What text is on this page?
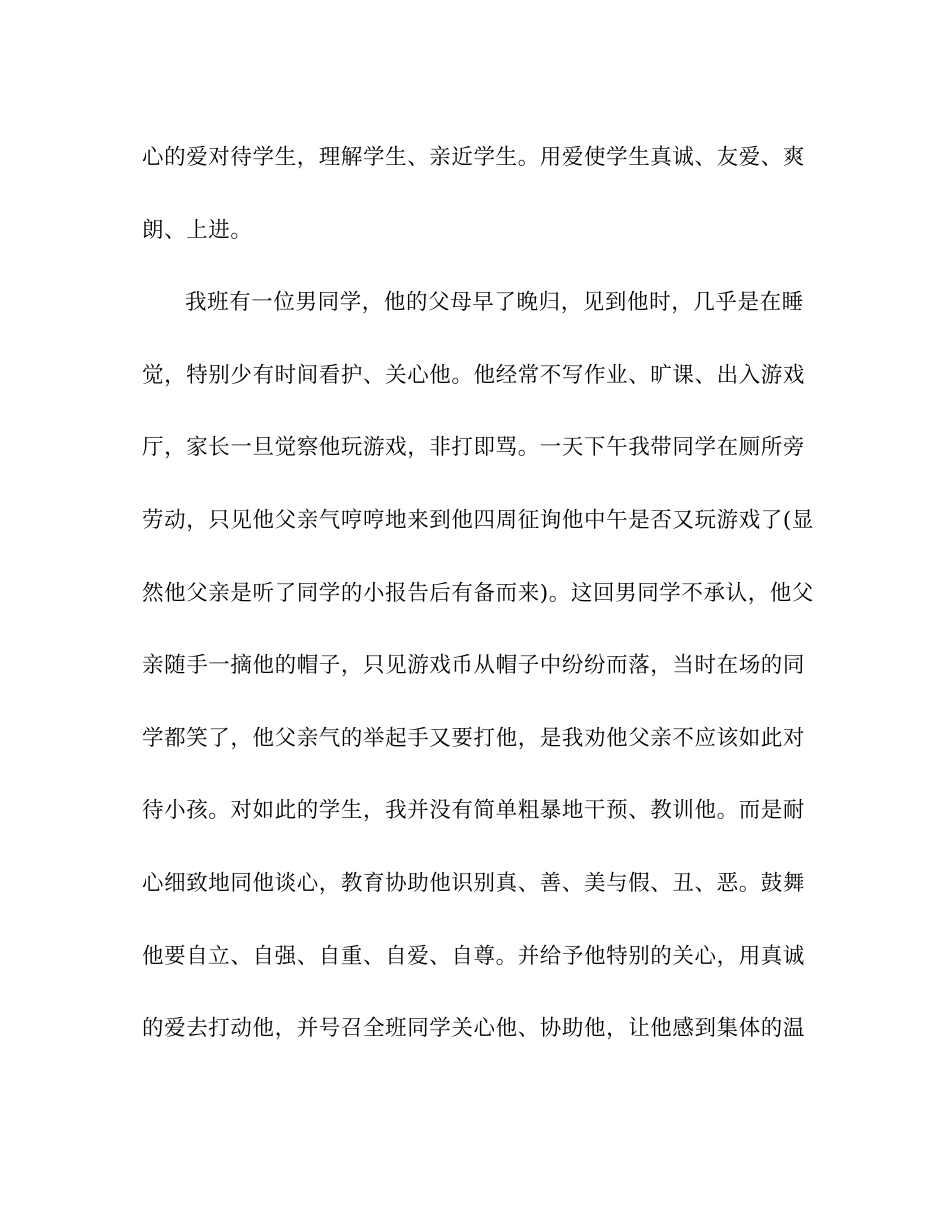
心的爱对待学生，理解学生、亲近学生。用爱使学生真诚、友爱、爽
朗、上进。
我班有一位男同学，他的父母早了晚归，见到他时，几乎是在睡
觉，特别少有时间看护、关心他。他经常不写作业、旷课、出入游戏
厅，家长一旦觉察他玩游戏，非打即骂。一天下午我带同学在厕所旁
劳动，只见他父亲气哼哼地来到他四周征询他中午是否又玩游戏了(显
然他父亲是听了同学的小报告后有备而来)。这回男同学不承认，他父
亲随手一摘他的帽子，只见游戏币从帽子中纷纷而落，当时在场的同
学都笑了，他父亲气的举起手又要打他，是我劝他父亲不应该如此对
待小孩。对如此的学生，我并没有简单粗暴地干预、教训他。而是耐
心细致地同他谈心，教育协助他识别真、善、美与假、丑、恶。鼓舞
他要自立、自强、自重、自爱、自尊。并给予他特别的关心，用真诚
的爱去打动他，并号召全班同学关心他、协助他，让他感到集体的温
